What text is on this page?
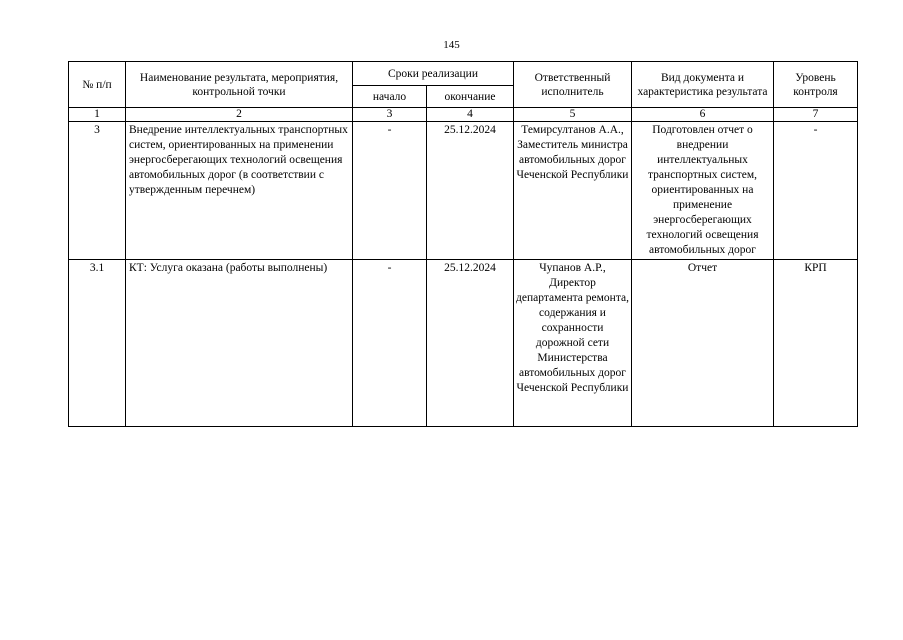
145
№ п/п	Наименование результата, мероприятия, контрольной точки	Сроки реализации		Ответственный исполнитель	Вид документа и характеристика результата	Уровень контроля
		начало	окончание			
1	2	3	4	5	6	7
3	Внедрение интеллектуальных транспортных систем, ориентированных на применении энергосберегающих технологий освещения автомобильных дорог (в соответствии с утвержденным перечнем)	-	25.12.2024	Темирсултанов А.А., Заместитель министра автомобильных дорог Чеченской Республики	Подготовлен отчет о внедрении интеллектуальных транспортных систем, ориентированных на применение энергосберегающих технологий освещения автомобильных дорог	-
3.1	КТ: Услуга оказана (работы выполнены)	-	25.12.2024	Чупанов А.Р., Директор департамента ремонта, содержания и сохранности дорожной сети Министерства автомобильных дорог Чеченской Республики	Отчет	КРП
